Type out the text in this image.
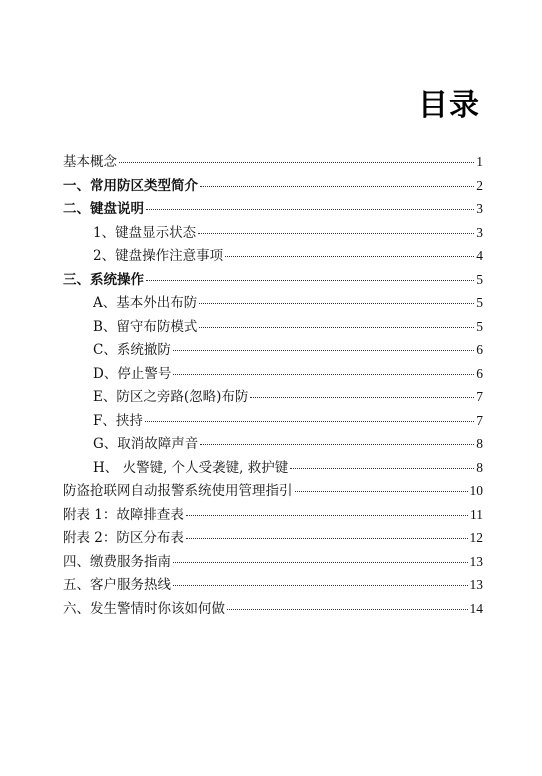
目录
基本概念	1
一、常用防区类型简介	2
二、键盘说明	3
1、键盘显示状态	3
2、键盘操作注意事项	4
三、系统操作	5
A、基本外出布防	5
B、留守布防模式	5
C、系统撤防	6
D、停止警号	6
E、防区之旁路(忽略)布防	7
F、挟持	7
G、取消故障声音	8
H、 火警键, 个人受袭键, 救护键	8
防盗抢联网自动报警系统使用管理指引	10
附表 1：故障排查表	11
附表 2：防区分布表	12
四、缴费服务指南	13
五、客户服务热线	13
六、发生警情时你该如何做	14
